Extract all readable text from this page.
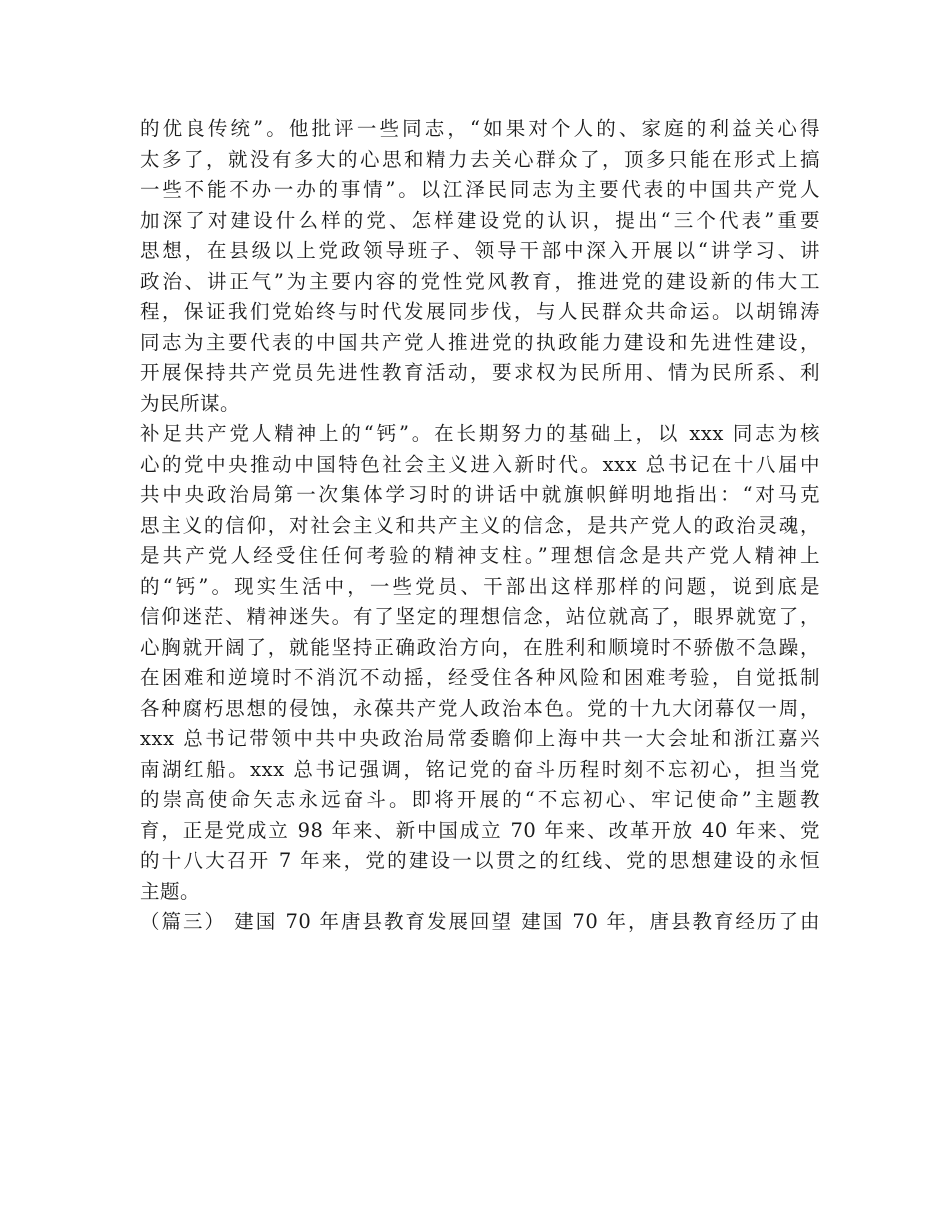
的优良传统”。他批评一些同志，“如果对个人的、家庭的利益关心得
太多了，就没有多大的心思和精力去关心群众了，顶多只能在形式上搞
一些不能不办一办的事情”。以江泽民同志为主要代表的中国共产党人
加深了对建设什么样的党、怎样建设党的认识，提出“三个代表”重要
思想，在县级以上党政领导班子、领导干部中深入开展以“讲学习、讲
政治、讲正气”为主要内容的党性党风教育，推进党的建设新的伟大工
程，保证我们党始终与时代发展同步伐，与人民群众共命运。以胡锦涛
同志为主要代表的中国共产党人推进党的执政能力建设和先进性建设，
开展保持共产党员先进性教育活动，要求权为民所用、情为民所系、利
为民所谋。
补足共产党人精神上的“钙”。在长期努力的基础上，以 xxx 同志为核
心的党中央推动中国特色社会主义进入新时代。xxx 总书记在十八届中
共中央政治局第一次集体学习时的讲话中就旗帜鲜明地指出：“对马克
思主义的信仰，对社会主义和共产主义的信念，是共产党人的政治灵魂，
是共产党人经受住任何考验的精神支柱。”理想信念是共产党人精神上
的“钙”。现实生活中，一些党员、干部出这样那样的问题，说到底是
信仰迷茫、精神迷失。有了坚定的理想信念，站位就高了，眼界就宽了，
心胸就开阔了，就能坚持正确政治方向，在胜利和顺境时不骄傲不急躁，
在困难和逆境时不消沉不动摇，经受住各种风险和困难考验，自觉抵制
各种腐朽思想的侵蚀，永葆共产党人政治本色。党的十九大闭幕仅一周，
xxx 总书记带领中共中央政治局常委瞻仰上海中共一大会址和浙江嘉兴
南湖红船。xxx 总书记强调，铭记党的奋斗历程时刻不忘初心，担当党
的崇高使命矢志永远奋斗。即将开展的“不忘初心、牢记使命”主题教
育，正是党成立 98 年来、新中国成立 70 年来、改革开放 40 年来、党
的十八大召开 7 年来，党的建设一以贯之的红线、党的思想建设的永恒
主题。
（篇三） 建国 70 年唐县教育发展回望 建国 70 年，唐县教育经历了由
